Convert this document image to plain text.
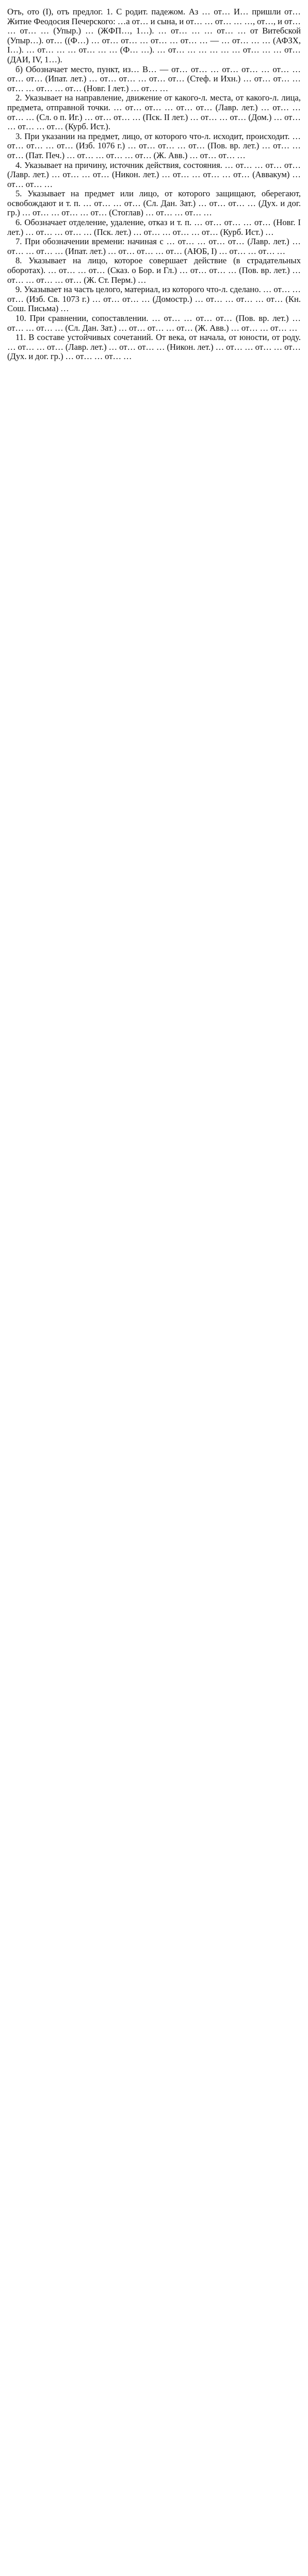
Отъ, ото (I), отъ предлог. 1. С родит. падежом. Аз … от… И… пришли от… Житие Феодосия Печерского: …а от… и сына, и от… … от… … …, от…, и от… … от… … (Упыр.) … (ЖФП…, 1…). … от… … … от… … от Витебской (Упыр…). от… ((Ф…) … от… от… … от… … от… … — … от… … … (АФЗХ, I…). … от… … … от… … … (Ф… …). … от… … … … … … от… … … от… (ДАИ, IV, 1…).

б) Обозначает место, пункт, из… В… — от… от… … от… от… … от… … от… от… (Ипат. лет.) … от… от… … от… от… (Стеф. и Ихн.) … от… от… … от… … от… … от… (Новг. I лет.) … от… …

2. Указывает на направление, движение от какого-л. места, от какого-л. лица, предмета, отправной точки. … от… от… … от… от… (Лавр. лет.) … от… … от… … (Сл. о п. Иг.) … от… от… … (Пск. II лет.) … от… … от… (Дом.) … от… … от… … от… (Курб. Ист.).

3. При указании на предмет, лицо, от которого что-л. исходит, происходит. … от… от… … от… (Изб. 1076 г.) … от… от… … от… (Пов. вр. лет.) … от… … от… (Пат. Печ.) … от… … от… … от… (Ж. Авв.) … от… от… …

4. Указывает на причину, источник действия, состояния. … от… … от… от… (Лавр. лет.) … от… … от… (Никон. лет.) … от… … от… … от… (Аввакум) … от… от… …

5. Указывает на предмет или лицо, от которого защищают, оберегают, освобождают и т. п. … от… … от… (Сл. Дан. Зат.) … от… от… … (Дух. и дог. гр.) … от… … от… … от… (Стоглав) … от… … от… …

6. Обозначает отделение, удаление, отказ и т. п. … от… от… … от… (Новг. I лет.) … от… … от… … (Пск. лет.) … от… … от… … от… (Курб. Ист.) …

7. При обозначении времени: начиная с … от… … от… от… (Лавр. лет.) … от… … от… … (Ипат. лет.) … от… от… … от… (АЮБ, I) … от… … от… …

8. Указывает на лицо, которое совершает действие (в страдательных оборотах). … от… … от… (Сказ. о Бор. и Гл.) … от… от… … (Пов. вр. лет.) … от… … от… … от… (Ж. Ст. Перм.) …

9. Указывает на часть целого, материал, из которого что-л. сделано. … от… … от… (Изб. Св. 1073 г.) … от… от… … (Домостр.) … от… … от… … от… (Кн. Сош. Письма) …

10. При сравнении, сопоставлении. … от… … от… от… (Пов. вр. лет.) … от… … от… … (Сл. Дан. Зат.) … от… от… … от… (Ж. Авв.) … от… … от… …

11. В составе устойчивых сочетаний. От века, от начала, от юности, от роду. … от… … от… (Лавр. лет.) … от… от… … (Никон. лет.) … от… … от… … от… (Дух. и дог. гр.) … от… … от… …
